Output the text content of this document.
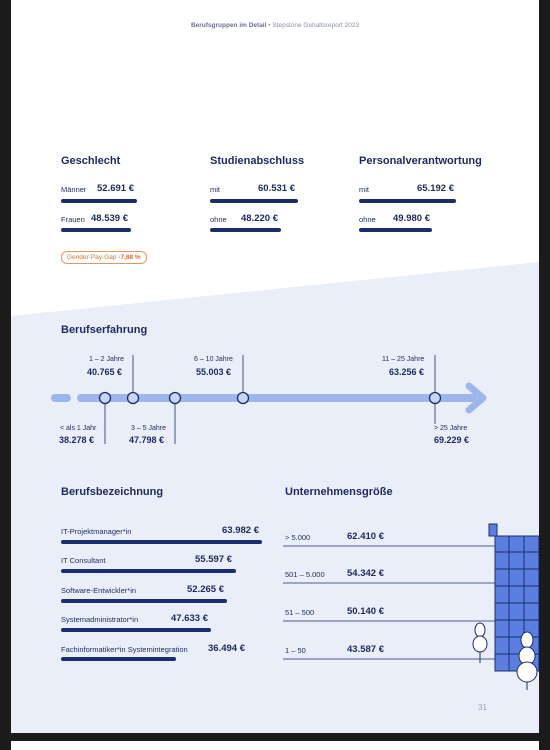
Berufsgruppen im Detail • Stepstone Gehaltsreport 2023
Geschlecht
Männer 52.691 €
Frauen 48.539 €
Gender-Pay-Gap -7,88 %
Studienabschluss
mit	60.531 €
ohne 48.220 €
Personalverantwortung
mit	65.192 €
ohne 49.980 €
Berufserfahrung
1 – 2 Jahre
40.765 €
6 – 10 Jahre
55.003 €
11 – 25 Jahre
63.256 €
< als 1 Jahr
38.278 €
3 – 5 Jahre
47.798 €
> 25 Jahre
69.229 €
Berufsbezeichnung
IT-Projektmanager*in	63.982 €
IT Consultant	55.597 €
Software-Entwickler*in	52.265 €
Systemadministrator*in	47.633 €
Fachinformatiker*in Systemintegration 36.494 €
Unternehmensgröße
> 5.000	62.410 €
501 – 5.000 54.342 €
51 – 500	50.140 €
1 – 50	43.587 €
31
